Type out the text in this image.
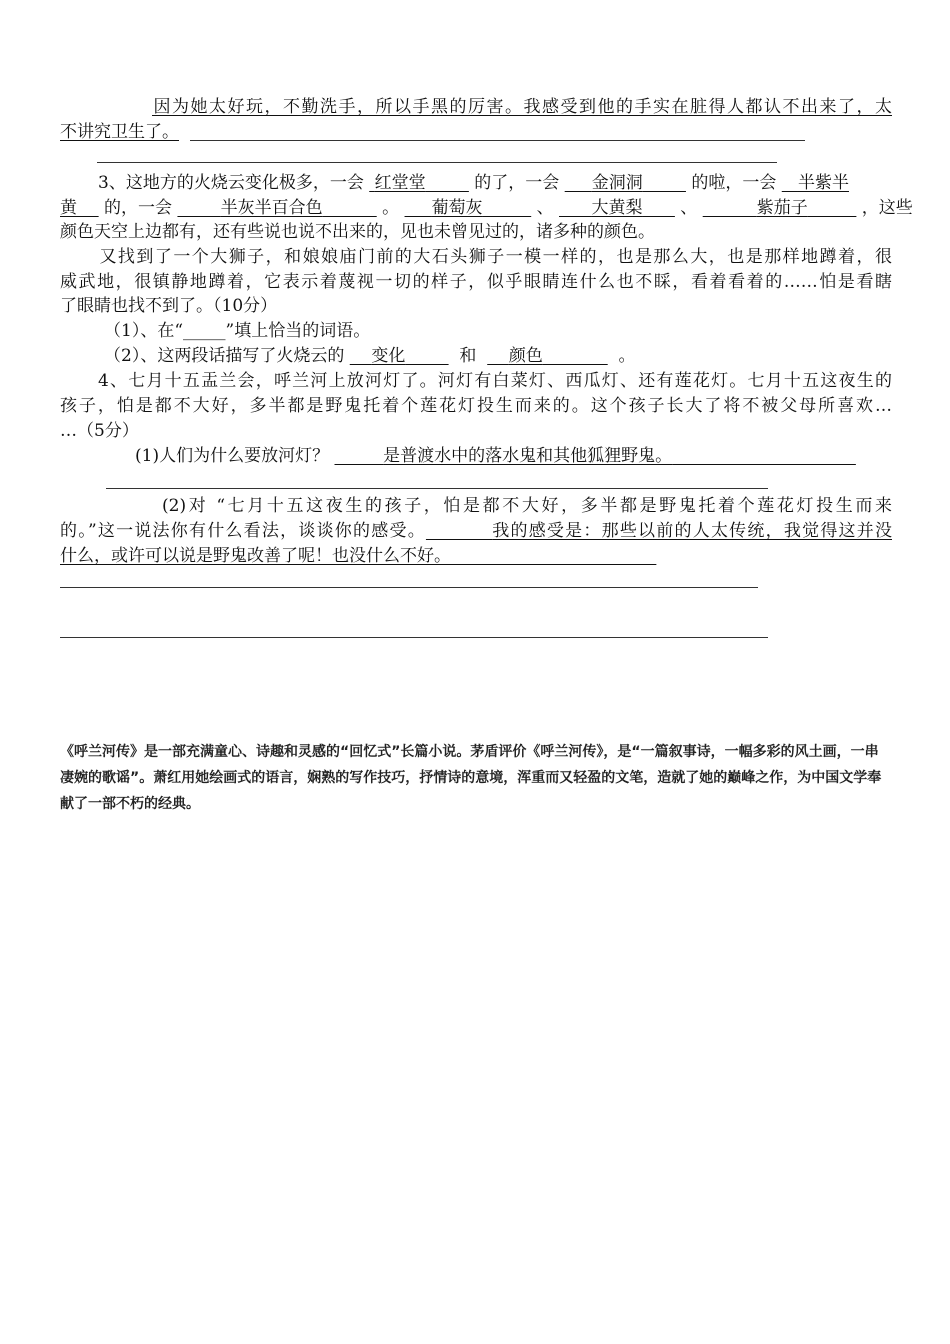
因为她太好玩，不勤洗手，所以手黑的厉害。我感受到他的手实在脏得人都认不出来了，太
不讲究卫生了。
3、这地方的火烧云变化极多，一会 红堂堂	的了，一会 金洞洞	的啦，一会 半紫半
黄 的，一会	半灰半百合色	。 葡萄灰	、 大黄梨 、	紫茄子	，这些
颜色天空上边都有，还有些说也说不出来的，见也未曾见过的，诸多种的颜色。
又找到了一个大狮子，和娘娘庙门前的大石头狮子一模一样的，也是那么大，也是那样地蹲着，很
威武地，很镇静地蹲着，它表示着蔑视一切的样子，似乎眼睛连什么也不睬，看着看着的……怕是看瞎
了眼睛也找不到了。（10分）
（1）、在“_____”填上恰当的词语。
（2）、这两段话描写了火烧云的 变化	和 颜色	。
4、七月十五盂兰会，呼兰河上放河灯了。河灯有白菜灯、西瓜灯、还有莲花灯。七月十五这夜生的
孩子，怕是都不大好，多半都是野鬼托着个莲花灯投生而来的。这个孩子长大了将不被父母所喜欢…
…（5分）
(1)人们为什么要放河灯？	是普渡水中的落水鬼和其他狐狸野鬼。
(2)对 “七月十五这夜生的孩子，怕是都不大好，多半都是野鬼托着个莲花灯投生而来
的。”这一说法你有什么看法，谈谈你的感受。	我的感受是：那些以前的人太传统，我觉得这并没
什么，或许可以说是野鬼改善了呢！也没什么不好。
《呼兰河传》是一部充满童心、诗趣和灵感的“回忆式”长篇小说。茅盾评价《呼兰河传》，是“一篇叙事诗，一幅多彩的风土画，一串凄婉的歌谣”。萧红用她绘画式的语言，娴熟的写作技巧，抒情诗的意境，浑重而又轻盈的文笔，造就了她的巅峰之作，为中国文学奉献了一部不朽的经典。
